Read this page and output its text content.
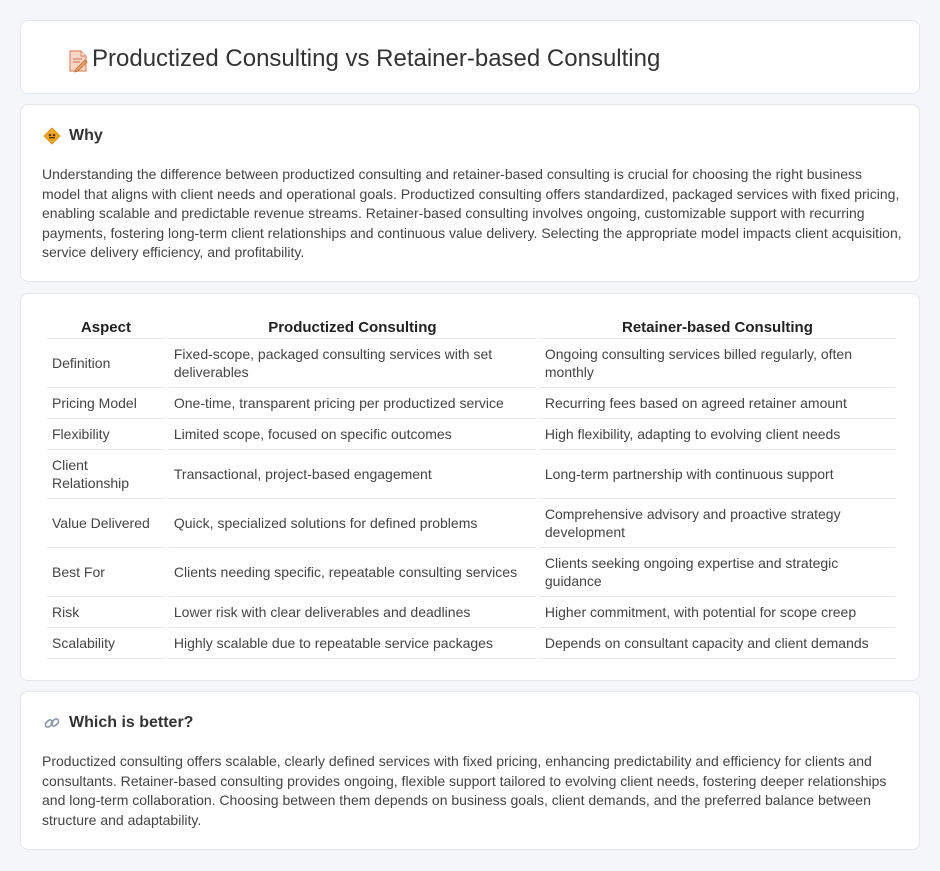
Productized Consulting vs Retainer-based Consulting
Why

Understanding the difference between productized consulting and retainer-based consulting is crucial for choosing the right business model that aligns with client needs and operational goals. Productized consulting offers standardized, packaged services with fixed pricing, enabling scalable and predictable revenue streams. Retainer-based consulting involves ongoing, customizable support with recurring payments, fostering long-term client relationships and continuous value delivery. Selecting the appropriate model impacts client acquisition, service delivery efficiency, and profitability.

Aspect	Productized Consulting	Retainer-based Consulting
Definition	Fixed-scope, packaged consulting services with set deliverables	Ongoing consulting services billed regularly, often monthly
Pricing Model	One-time, transparent pricing per productized service	Recurring fees based on agreed retainer amount
Flexibility	Limited scope, focused on specific outcomes	High flexibility, adapting to evolving client needs
Client Relationship	Transactional, project-based engagement	Long-term partnership with continuous support
Value Delivered	Quick, specialized solutions for defined problems	Comprehensive advisory and proactive strategy development
Best For	Clients needing specific, repeatable consulting services	Clients seeking ongoing expertise and strategic guidance
Risk	Lower risk with clear deliverables and deadlines	Higher commitment, with potential for scope creep
Scalability	Highly scalable due to repeatable service packages	Depends on consultant capacity and client demands
Which is better?

Productized consulting offers scalable, clearly defined services with fixed pricing, enhancing predictability and efficiency for clients and consultants. Retainer-based consulting provides ongoing, flexible support tailored to evolving client needs, fostering deeper relationships and long-term collaboration. Choosing between them depends on business goals, client demands, and the preferred balance between structure and adaptability.
